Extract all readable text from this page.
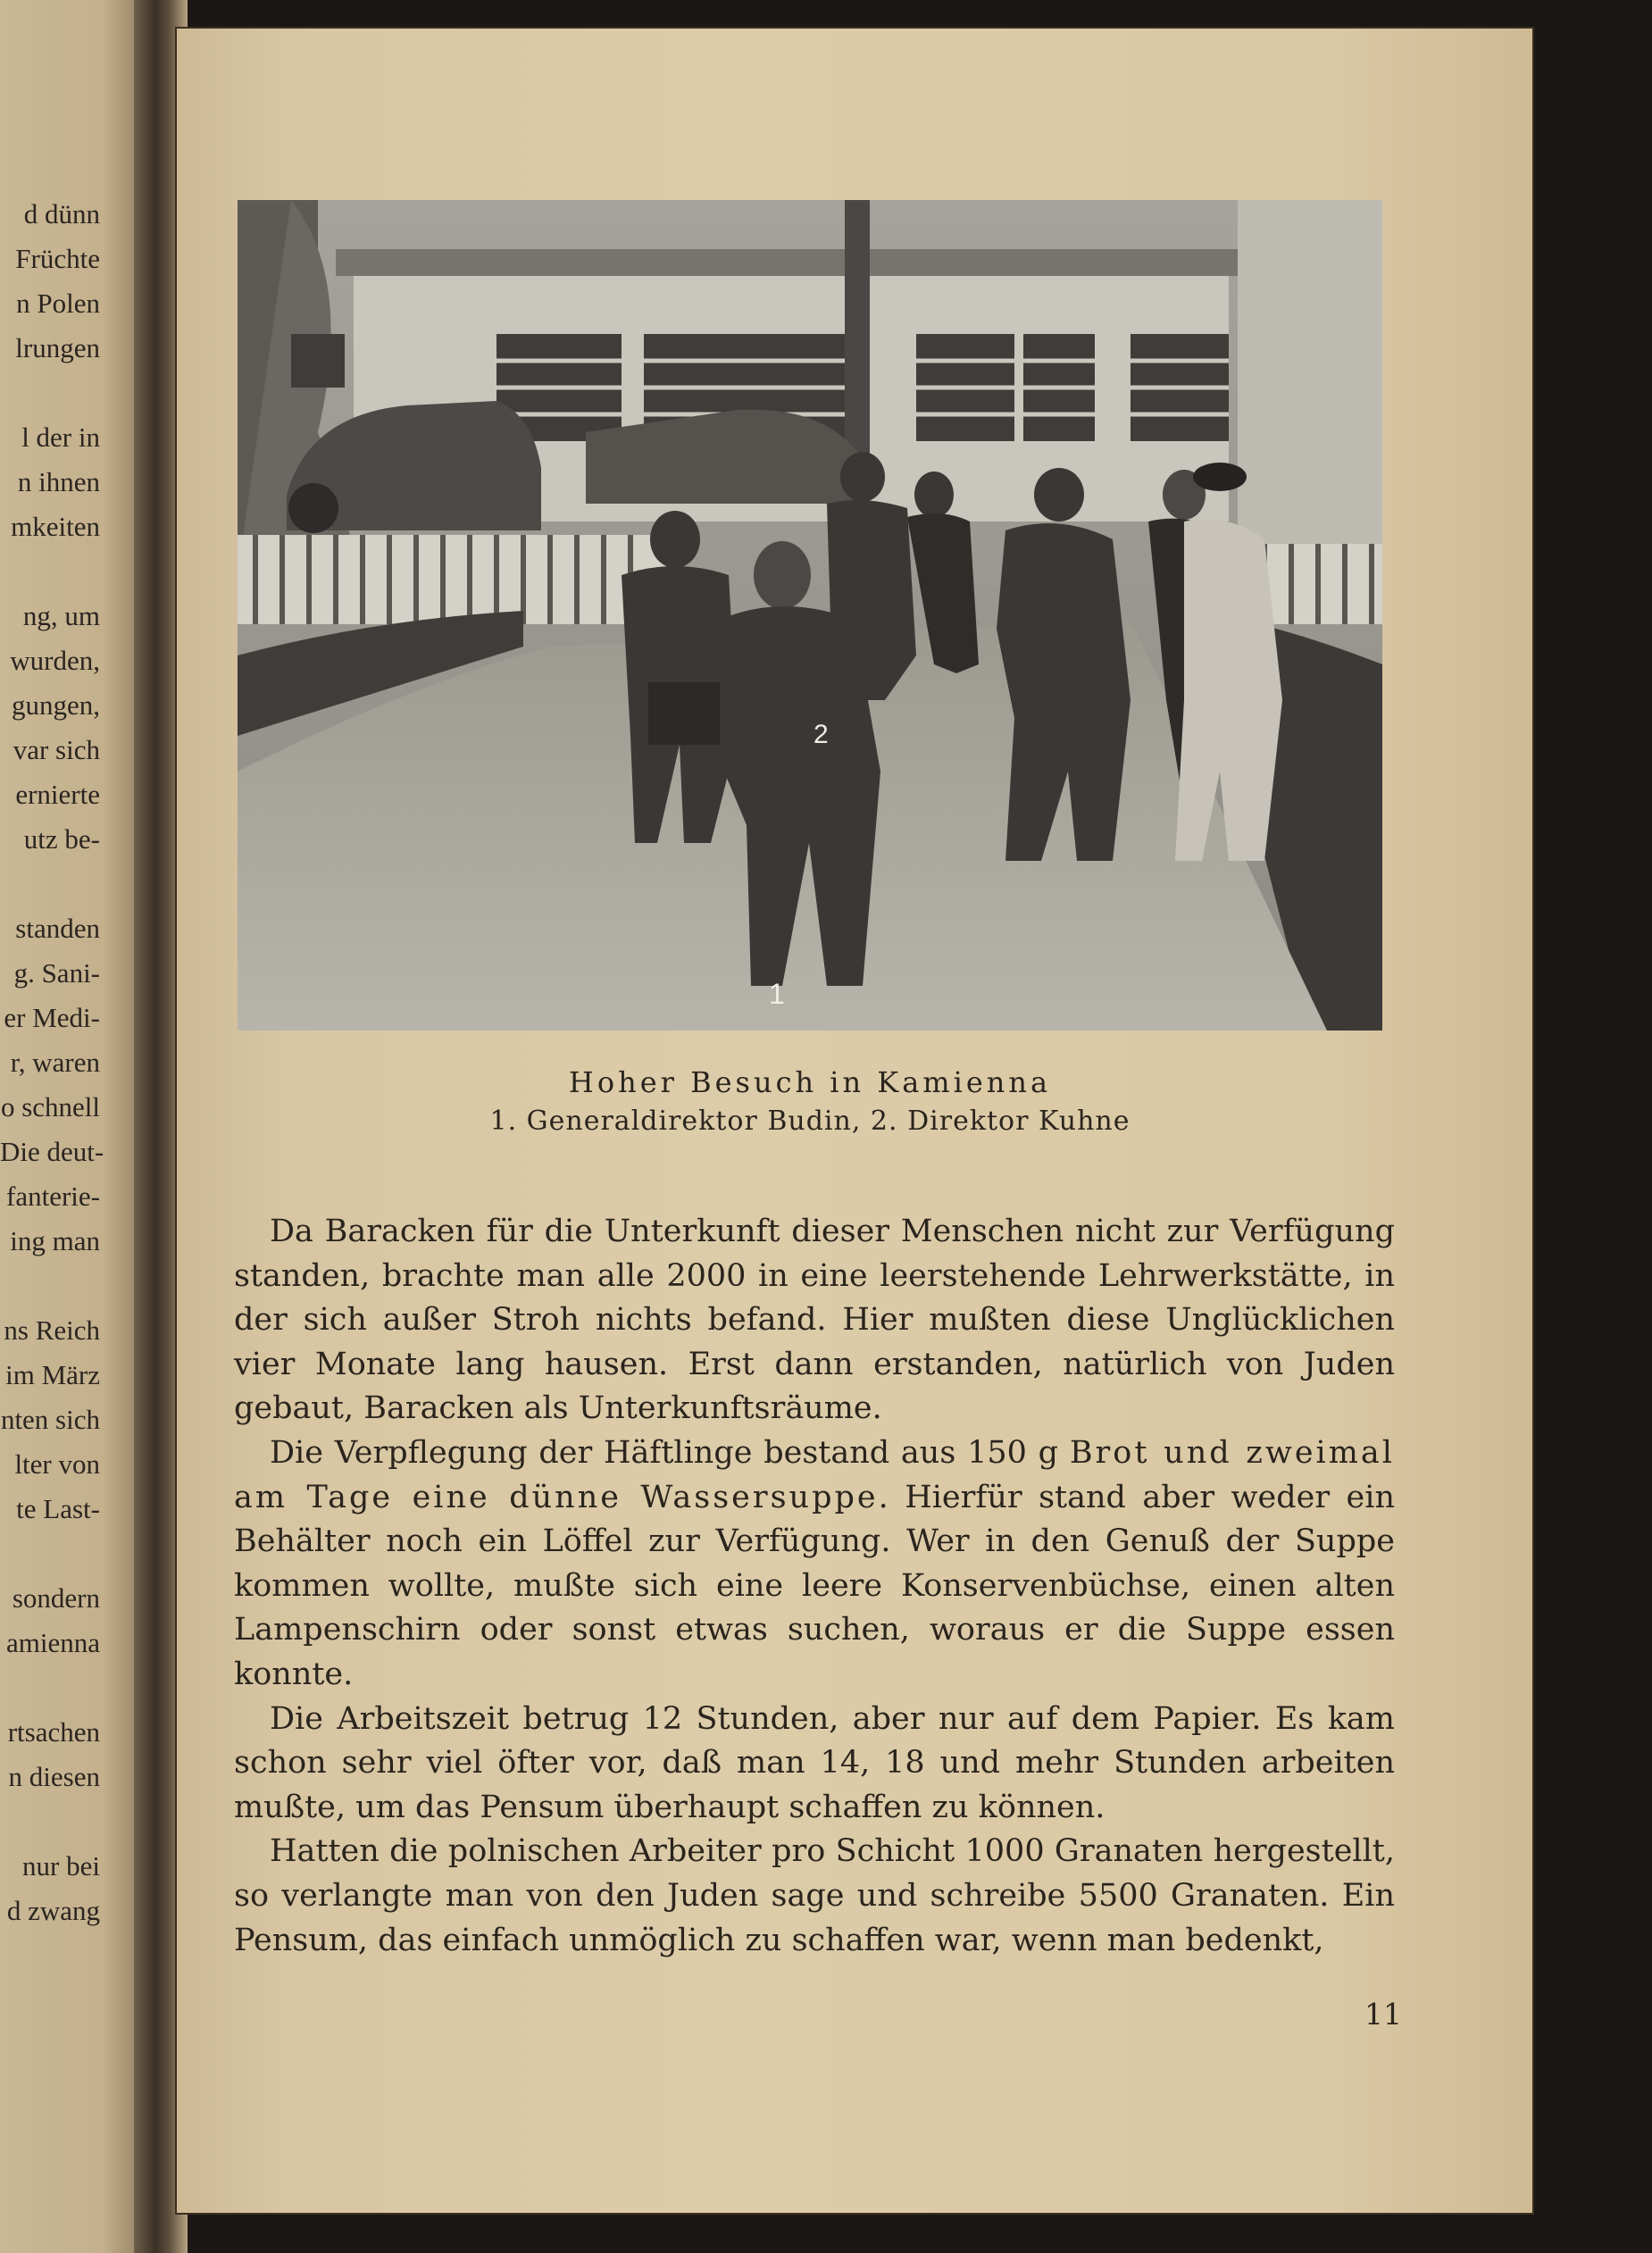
d dünn
Früchte
n Polen
lrungen
l der in
n ihnen
mkeiten
ng, um
wurden,
gungen,
var sich
ernierte
utz be-
standen
g. Sani-
er Medi-
r, waren
o schnell
Die deut-
fanterie-
ing man
ns Reich
im März
nten sich
lter von
te Last-
sondern
amienna
rtsachen
n diesen
nur bei
d zwang
2
1
Hoher Besuch in Kamienna
1. Generaldirektor Budin, 2. Direktor Kuhne

Da Baracken für die Unterkunft dieser Menschen nicht zur Verfügung standen, brachte man alle 2000 in eine leerstehende Lehrwerkstätte, in der sich außer Stroh nichts befand. Hier mußten diese Unglücklichen vier Monate lang hausen. Erst dann erstanden, natürlich von Juden gebaut, Baracken als Unterkunftsräume.

Die Verpflegung der Häftlinge bestand aus 150 g Brot und zweimal am Tage eine dünne Wassersuppe. Hierfür stand aber weder ein Behälter noch ein Löffel zur Verfügung. Wer in den Genuß der Suppe kommen wollte, mußte sich eine leere Konservenbüchse, einen alten Lampenschirn oder sonst etwas suchen, woraus er die Suppe essen konnte.

Die Arbeitszeit betrug 12 Stunden, aber nur auf dem Papier. Es kam schon sehr viel öfter vor, daß man 14, 18 und mehr Stunden arbeiten mußte, um das Pensum überhaupt schaffen zu können.

Hatten die polnischen Arbeiter pro Schicht 1000 Granaten hergestellt, so verlangte man von den Juden sage und schreibe 5500 Granaten. Ein Pensum, das einfach unmöglich zu schaffen war, wenn man bedenkt,

11
